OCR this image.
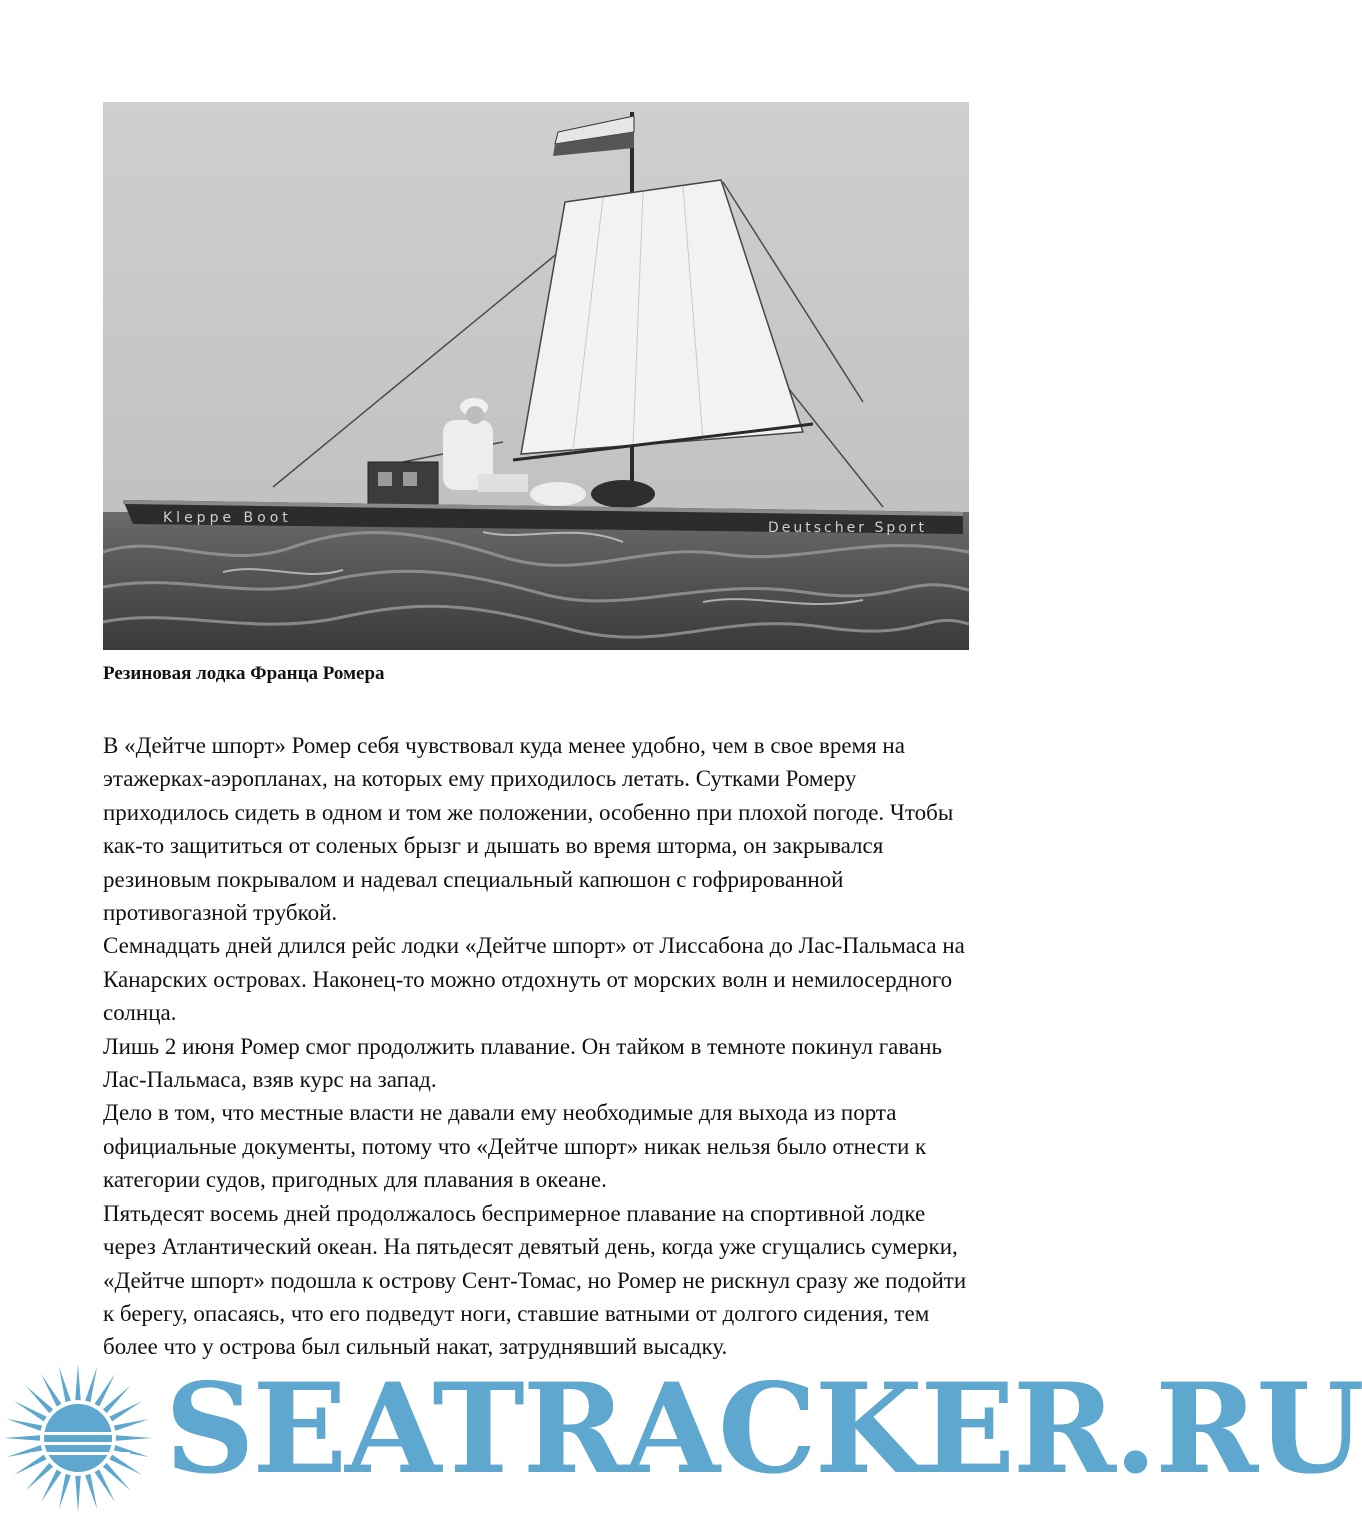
Kleppe Boot
Deutscher Sport

Резиновая лодка Франца Ромера

В «Дейтче шпорт» Ромер себя чувствовал куда менее удобно, чем в свое время на этажерках-аэропланах, на которых ему приходилось летать. Сутками Ромеру приходилось сидеть в одном и том же положении, особенно при плохой погоде. Чтобы как-то защититься от соленых брызг и дышать во время шторма, он закрывался резиновым покрывалом и надевал специальный капюшон с гофрированной противогазной трубкой.

Семнадцать дней длился рейс лодки «Дейтче шпорт» от Лиссабона до Лас-Пальмаса на Канарских островах. Наконец-то можно отдохнуть от морских волн и немилосердного солнца.

Лишь 2 июня Ромер смог продолжить плавание. Он тайком в темноте покинул гавань Лас-Пальмаса, взяв курс на запад.

Дело в том, что местные власти не давали ему необходимые для выхода из порта официальные документы, потому что «Дейтче шпорт» никак нельзя было отнести к категории судов, пригодных для плавания в океане.

Пятьдесят восемь дней продолжалось беспримерное плавание на спортивной лодке через Атлантический океан. На пятьдесят девятый день, когда уже сгущались сумерки, «Дейтче шпорт» подошла к острову Сент-Томас, но Ромер не рискнул сразу же подойти к берегу, опасаясь, что его подведут ноги, ставшие ватными от долгого сидения, тем более что у острова был сильный накат, затруднявший высадку.

SEATRACKER.RU
